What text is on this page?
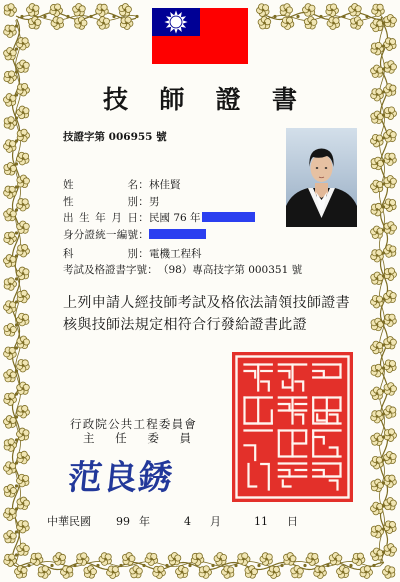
技師證書
技證字第 006955 號
姓名：林佳賢
性別：男
出生年月日：民國 76 年
身分證統一編號：
科別：電機工程科
考試及格證書字號：（98）專高技字第 000351 號
上列申請人經技師考試及格依法請領技師證書
核與技師法規定相符合行發給證書此證
行政院公共工程委員會
主任委員
范良銹
中華民國 99 年	4 月	11 日
